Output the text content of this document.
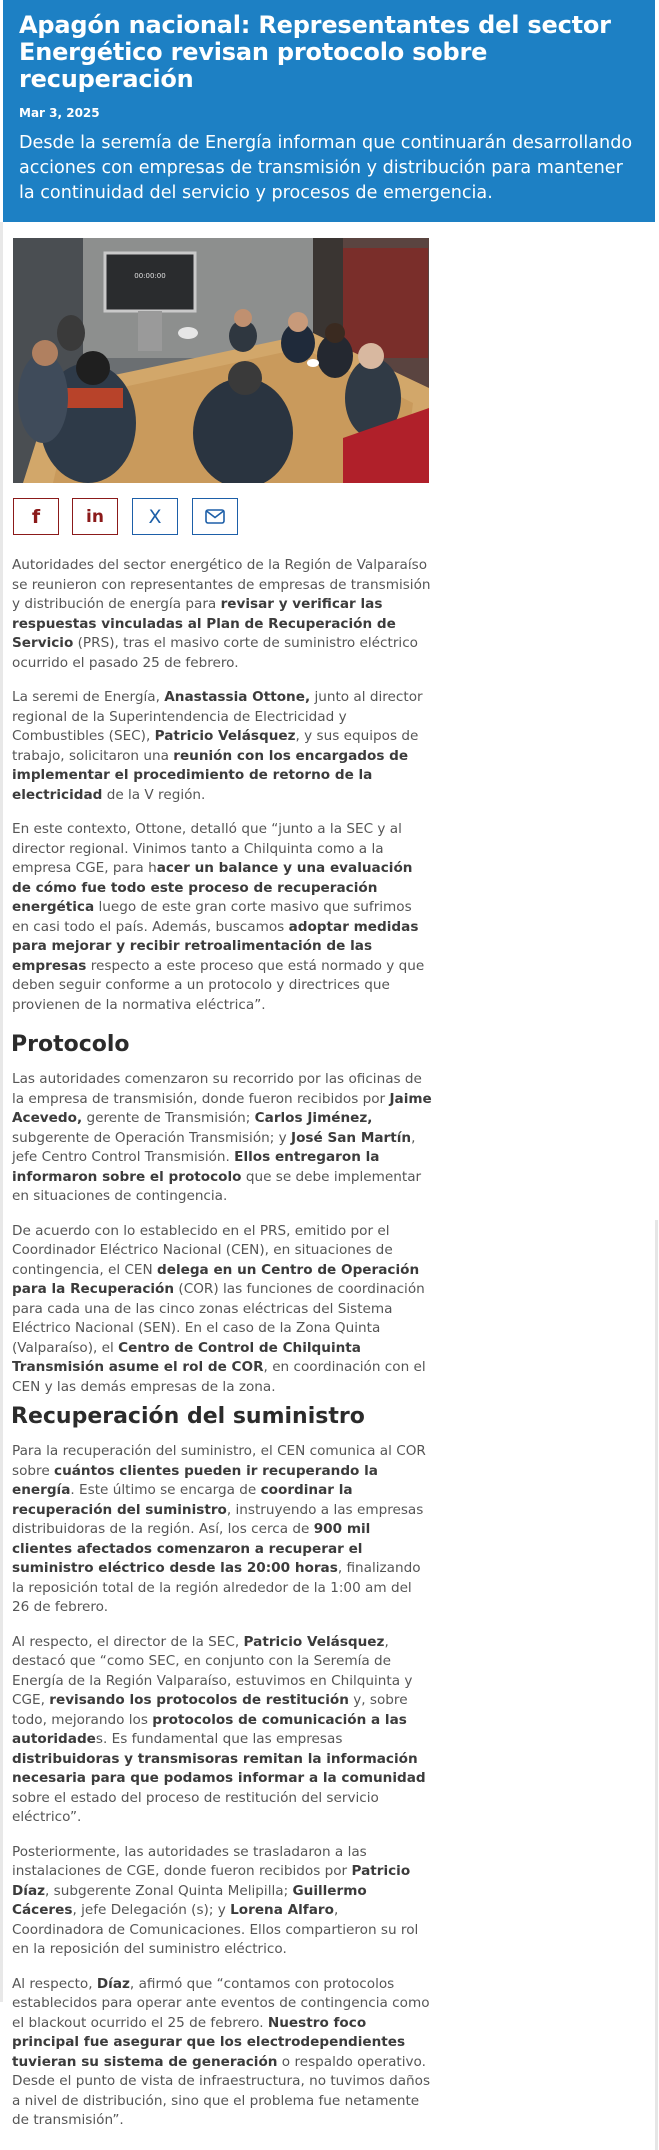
Apagón nacional: Representantes del sector Energético revisan protocolo sobre recuperación
Mar 3, 2025
Desde la seremía de Energía informan que continuarán desarrollando acciones con empresas de transmisión y distribución para mantener la continuidad del servicio y procesos de emergencia.
00:00:00
f	in X

Autoridades del sector energético de la Región de Valparaíso se reunieron con representantes de empresas de transmisión y distribución de energía para revisar y verificar las respuestas vinculadas al Plan de Recuperación de Servicio (PRS), tras el masivo corte de suministro eléctrico ocurrido el pasado 25 de febrero.

La seremi de Energía, Anastassia Ottone, junto al director regional de la Superintendencia de Electricidad y Combustibles (SEC), Patricio Velásquez, y sus equipos de trabajo, solicitaron una reunión con los encargados de implementar el procedimiento de retorno de la electricidad de la V región.

En este contexto, Ottone, detalló que “junto a la SEC y al director regional. Vinimos tanto a Chilquinta como a la empresa CGE, para hacer un balance y una evaluación de cómo fue todo este proceso de recuperación energética luego de este gran corte masivo que sufrimos en casi todo el país. Además, buscamos adoptar medidas para mejorar y recibir retroalimentación de las empresas respecto a este proceso que está normado y que deben seguir conforme a un protocolo y directrices que provienen de la normativa eléctrica”.

Protocolo

Las autoridades comenzaron su recorrido por las oficinas de la empresa de transmisión, donde fueron recibidos por Jaime Acevedo, gerente de Transmisión; Carlos Jiménez, subgerente de Operación Transmisión; y José San Martín, jefe Centro Control Transmisión. Ellos entregaron la informaron sobre el protocolo que se debe implementar en situaciones de contingencia.

De acuerdo con lo establecido en el PRS, emitido por el Coordinador Eléctrico Nacional (CEN), en situaciones de contingencia, el CEN delega en un Centro de Operación para la Recuperación (COR) las funciones de coordinación para cada una de las cinco zonas eléctricas del Sistema Eléctrico Nacional (SEN). En el caso de la Zona Quinta (Valparaíso), el Centro de Control de Chilquinta Transmisión asume el rol de COR, en coordinación con el CEN y las demás empresas de la zona.

Recuperación del suministro

Para la recuperación del suministro, el CEN comunica al COR sobre cuántos clientes pueden ir recuperando la energía. Este último se encarga de coordinar la recuperación del suministro, instruyendo a las empresas distribuidoras de la región. Así, los cerca de 900 mil clientes afectados comenzaron a recuperar el suministro eléctrico desde las 20:00 horas, finalizando la reposición total de la región alrededor de la 1:00 am del 26 de febrero.

Al respecto, el director de la SEC, Patricio Velásquez, destacó que “como SEC, en conjunto con la Seremía de Energía de la Región Valparaíso, estuvimos en Chilquinta y CGE, revisando los protocolos de restitución y, sobre todo, mejorando los protocolos de comunicación a las autoridades. Es fundamental que las empresas distribuidoras y transmisoras remitan la información necesaria para que podamos informar a la comunidad sobre el estado del proceso de restitución del servicio eléctrico”.

Posteriormente, las autoridades se trasladaron a las instalaciones de CGE, donde fueron recibidos por Patricio Díaz, subgerente Zonal Quinta Melipilla; Guillermo Cáceres, jefe Delegación (s); y Lorena Alfaro, Coordinadora de Comunicaciones. Ellos compartieron su rol en la reposición del suministro eléctrico.

Al respecto, Díaz, afirmó que “contamos con protocolos establecidos para operar ante eventos de contingencia como el blackout ocurrido el 25 de febrero. Nuestro foco principal fue asegurar que los electrodependientes tuvieran su sistema de generación o respaldo operativo. Desde el punto de vista de infraestructura, no tuvimos daños a nivel de distribución, sino que el problema fue netamente de transmisión”.
